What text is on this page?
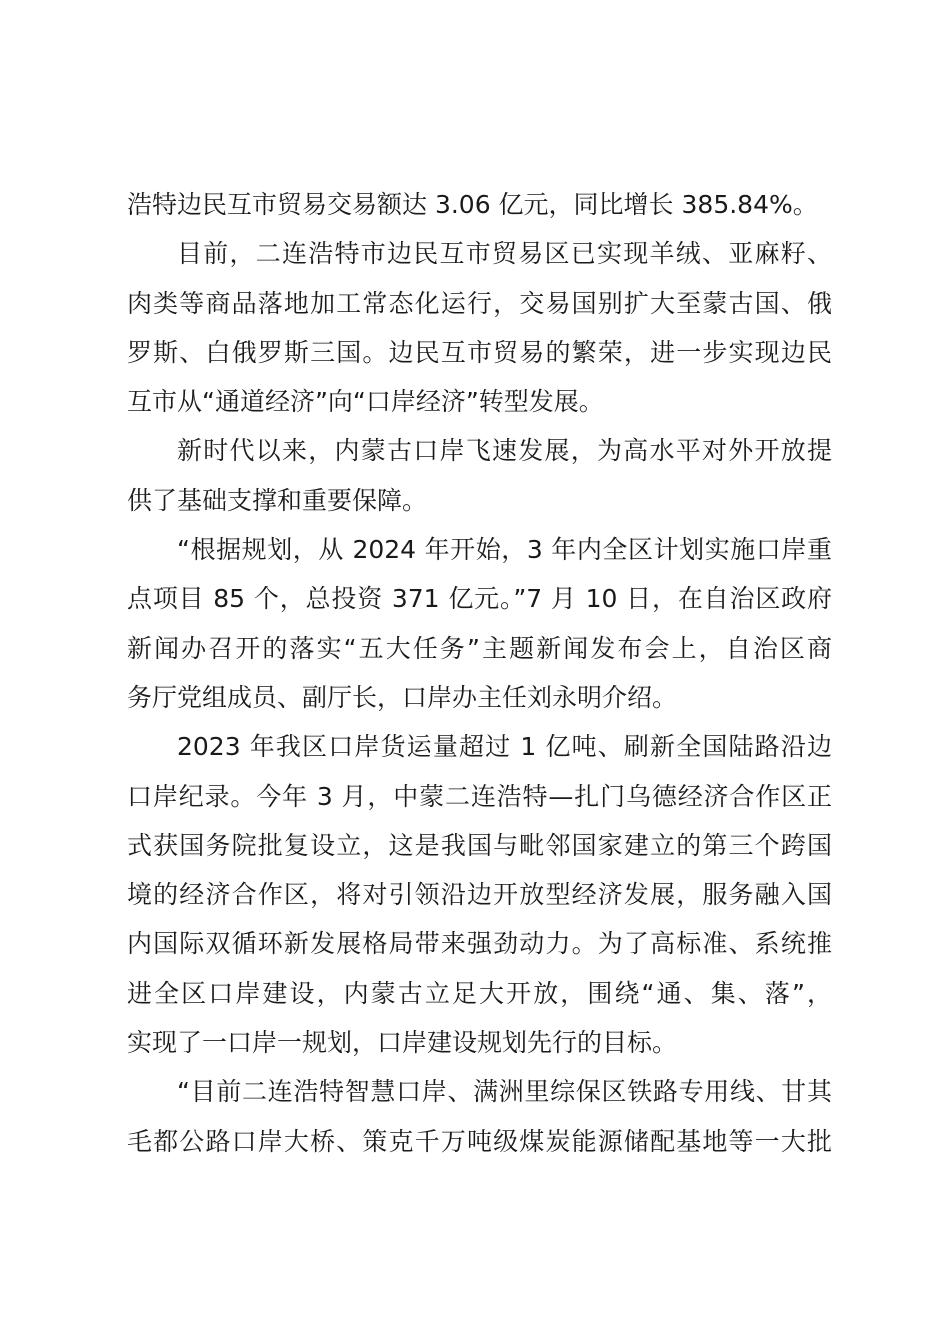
浩特边民互市贸易交易额达 3.06 亿元，同比增长 385.84%。
目前，二连浩特市边民互市贸易区已实现羊绒、亚麻籽、
肉类等商品落地加工常态化运行，交易国别扩大至蒙古国、俄
罗斯、白俄罗斯三国。边民互市贸易的繁荣，进一步实现边民
互市从“通道经济”向“口岸经济”转型发展。
新时代以来，内蒙古口岸飞速发展，为高水平对外开放提
供了基础支撑和重要保障。
“根据规划，从 2024 年开始，3 年内全区计划实施口岸重
点项目 85 个，总投资 371 亿元。”7 月 10 日，在自治区政府
新闻办召开的落实“五大任务”主题新闻发布会上，自治区商
务厅党组成员、副厅长，口岸办主任刘永明介绍。
2023 年我区口岸货运量超过 1 亿吨、刷新全国陆路沿边
口岸纪录。今年 3 月，中蒙二连浩特—扎门乌德经济合作区正
式获国务院批复设立，这是我国与毗邻国家建立的第三个跨国
境的经济合作区，将对引领沿边开放型经济发展，服务融入国
内国际双循环新发展格局带来强劲动力。为了高标准、系统推
进全区口岸建设，内蒙古立足大开放，围绕“通、集、落”，
实现了一口岸一规划，口岸建设规划先行的目标。
“目前二连浩特智慧口岸、满洲里综保区铁路专用线、甘其
毛都公路口岸大桥、策克千万吨级煤炭能源储配基地等一大批
